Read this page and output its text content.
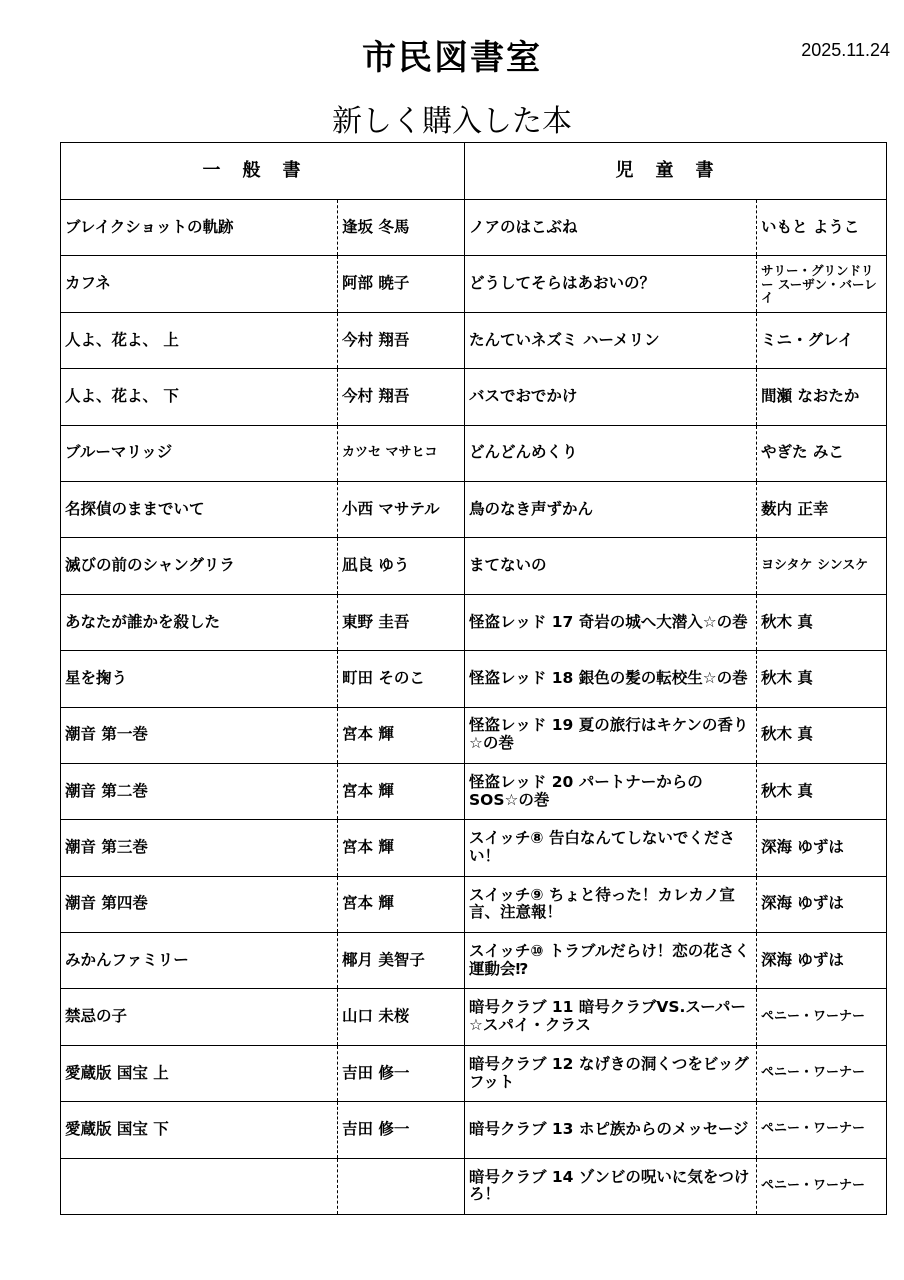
市民図書室	2025.11.24
新しく購入した本
一般書		児童書	
ブレイクショットの軌跡	逢坂 冬馬	ノアのはこぶね	いもと ようこ
カフネ	阿部 暁子	どうしてそらはあおいの？	サリー・グリンドリー スーザン・バーレイ
人よ、花よ、 上	今村 翔吾	たんていネズミ ハーメリン	ミニ・グレイ
人よ、花よ、 下	今村 翔吾	バスでおでかけ	間瀬 なおたか
ブルーマリッジ	カツセ マサヒコ	どんどんめくり	やぎた みこ
名探偵のままでいて	小西 マサテル	鳥のなき声ずかん	薮内 正幸
滅びの前のシャングリラ	凪良 ゆう	まてないの	ヨシタケ シンスケ
あなたが誰かを殺した	東野 圭吾	怪盗レッド 17 奇岩の城へ大潜入☆の巻	秋木 真
星を掬う	町田 そのこ	怪盗レッド 18 銀色の髪の転校生☆の巻	秋木 真
潮音 第一巻	宮本 輝	怪盗レッド 19 夏の旅行はキケンの香り☆の巻	秋木 真
潮音 第二巻	宮本 輝	怪盗レッド 20 パートナーからのSOS☆の巻	秋木 真
潮音 第三巻	宮本 輝	スイッチ⑧ 告白なんてしないでください！	深海 ゆずは
潮音 第四巻	宮本 輝	スイッチ⑨ ちょと待った！カレカノ宣言、注意報！	深海 ゆずは
みかんファミリー	椰月 美智子	スイッチ⑩ トラブルだらけ！恋の花さく運動会⁉	深海 ゆずは
禁忌の子	山口 未桜	暗号クラブ 11 暗号クラブVS.スーパー☆スパイ・クラス	ペニー・ワーナー
愛蔵版 国宝 上	吉田 修一	暗号クラブ 12 なげきの洞くつをビッグフット	ペニー・ワーナー
愛蔵版 国宝 下	吉田 修一	暗号クラブ 13 ホピ族からのメッセージ	ペニー・ワーナー
		暗号クラブ 14 ゾンビの呪いに気をつけろ！	ペニー・ワーナー
